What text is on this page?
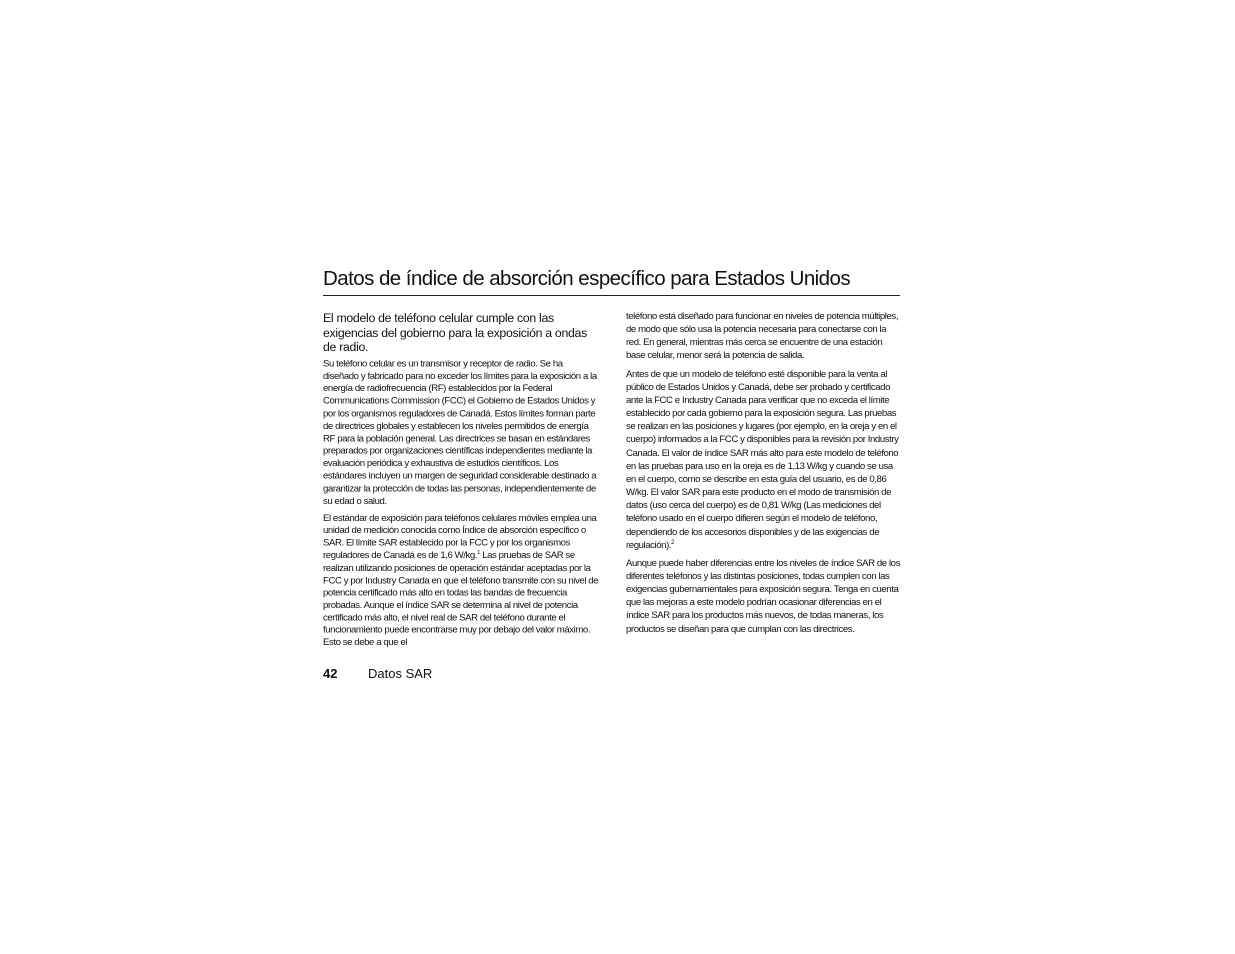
Datos de índice de absorción específico para Estados Unidos

El modelo de teléfono celular cumple con las exigencias del gobierno para la exposición a ondas de radio.

Su teléfono celular es un transmisor y receptor de radio. Se ha diseñado y fabricado para no exceder los límites para la exposición a la energía de radiofrecuencia (RF) establecidos por la Federal Communications Commission (FCC) el Gobierno de Estados Unidos y por los organismos reguladores de Canadá. Estos límites forman parte de directrices globales y establecen los niveles permitidos de energía RF para la población general. Las directrices se basan en estándares preparados por organizaciones científicas independientes mediante la evaluación periódica y exhaustiva de estudios científicos. Los estándares incluyen un margen de seguridad considerable destinado a garantizar la protección de todas las personas, independientemente de su edad o salud.

El estándar de exposición para teléfonos celulares móviles emplea una unidad de medición conocida como Índice de absorción específico o SAR. El límite SAR establecido por la FCC y por los organismos reguladores de Canadá es de 1,6 W/kg.$^1$ Las pruebas de SAR se realizan utilizando posiciones de operación estándar aceptadas por la FCC y por Industry Canada en que el teléfono transmite con su nivel de potencia certificado más alto en todas las bandas de frecuencia probadas. Aunque el índice SAR se determina al nivel de potencia certificado más alto, el nivel real de SAR del teléfono durante el funcionamiento puede encontrarse muy por debajo del valor máximo. Esto se debe a que el

teléfono está diseñado para funcionar en niveles de potencia múltiples, de modo que sólo usa la potencia necesaria para conectarse con la red. En general, mientras más cerca se encuentre de una estación base celular, menor será la potencia de salida.

Antes de que un modelo de teléfono esté disponible para la venta al público de Estados Unidos y Canadá, debe ser probado y certificado ante la FCC e Industry Canada para verificar que no exceda el límite establecido por cada gobierno para la exposición segura. Las pruebas se realizan en las posiciones y lugares (por ejemplo, en la oreja y en el cuerpo) informados a la FCC y disponibles para la revisión por Industry Canada. El valor de índice SAR más alto para este modelo de teléfono en las pruebas para uso en la oreja es de 1,13 W/kg y cuando se usa en el cuerpo, como se describe en esta guía del usuario, es de 0,86 W/kg. El valor SAR para este producto en el modo de transmisión de datos (uso cerca del cuerpo) es de 0,81 W/kg (Las mediciones del teléfono usado en el cuerpo difieren según el modelo de teléfono, dependiendo de los accesorios disponibles y de las exigencias de regulación).$^2$

Aunque puede haber diferencias entre los niveles de índice SAR de los diferentes teléfonos y las distintas posiciones, todas cumplen con las exigencias gubernamentales para exposición segura. Tenga en cuenta que las mejoras a este modelo podrían ocasionar diferencias en el índice SAR para los productos más nuevos, de todas maneras, los productos se diseñan para que cumplan con las directrices.

42 Datos SAR
